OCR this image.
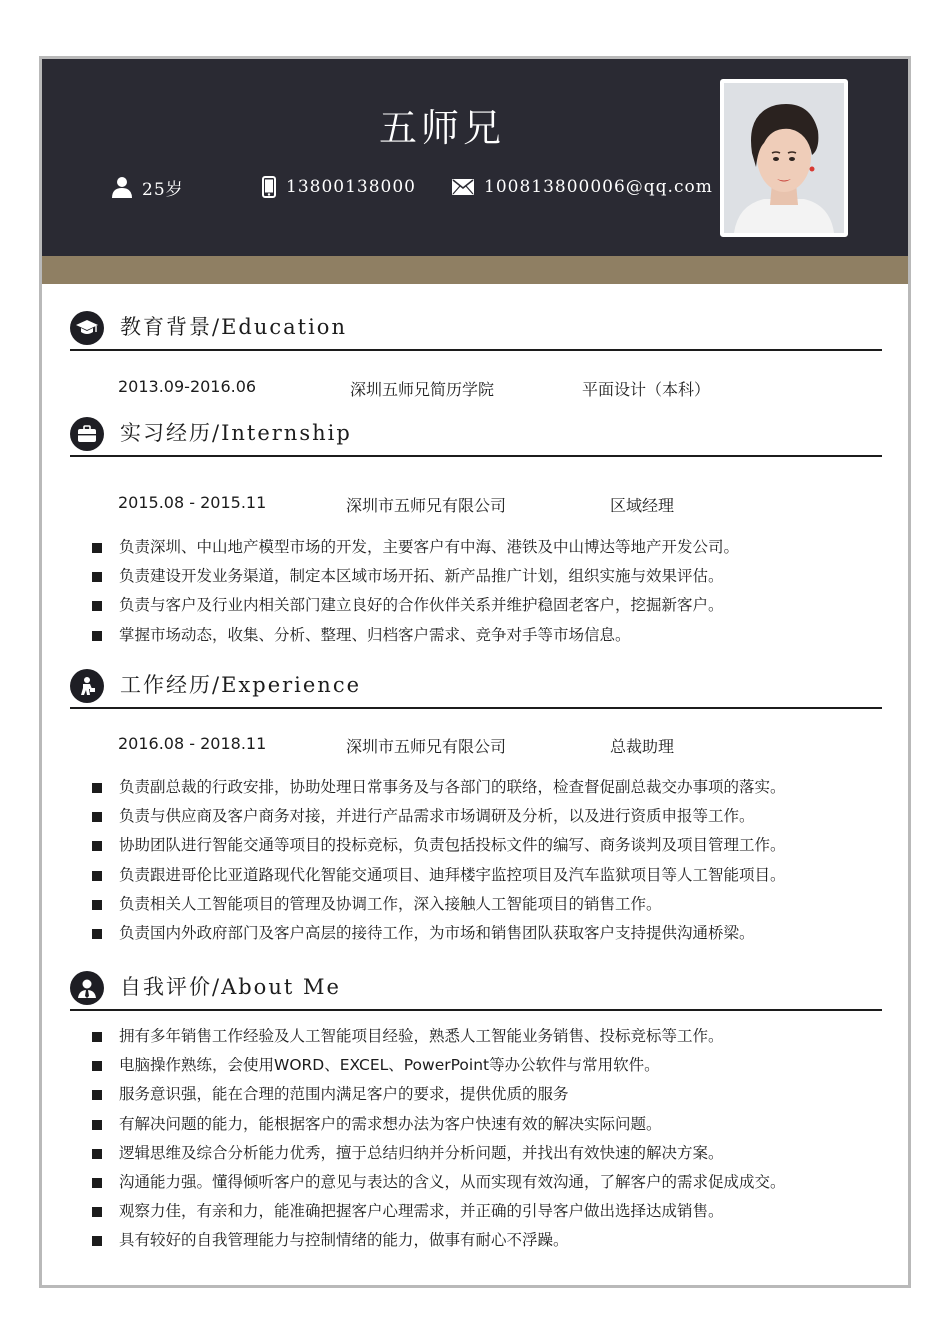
五师兄
25岁	13800138000	100813800006@qq.com
教育背景/Education
2013.09-2016.06	深圳五师兄简历学院	平面设计（本科）
实习经历/Internship
2015.08 - 2015.11	深圳市五师兄有限公司	区域经理
负责深圳、中山地产模型市场的开发，主要客户有中海、港铁及中山博达等地产开发公司。
负责建设开发业务渠道，制定本区域市场开拓、新产品推广计划，组织实施与效果评估。
负责与客户及行业内相关部门建立良好的合作伙伴关系并维护稳固老客户，挖掘新客户。
掌握市场动态，收集、分析、整理、归档客户需求、竞争对手等市场信息。
工作经历/Experience
2016.08 - 2018.11	深圳市五师兄有限公司	总裁助理
负责副总裁的行政安排，协助处理日常事务及与各部门的联络，检查督促副总裁交办事项的落实。
负责与供应商及客户商务对接，并进行产品需求市场调研及分析，以及进行资质申报等工作。
协助团队进行智能交通等项目的投标竞标，负责包括投标文件的编写、商务谈判及项目管理工作。
负责跟进哥伦比亚道路现代化智能交通项目、迪拜楼宇监控项目及汽车监狱项目等人工智能项目。
负责相关人工智能项目的管理及协调工作，深入接触人工智能项目的销售工作。
负责国内外政府部门及客户高层的接待工作，为市场和销售团队获取客户支持提供沟通桥梁。
自我评价/About Me
拥有多年销售工作经验及人工智能项目经验，熟悉人工智能业务销售、投标竞标等工作。
电脑操作熟练，会使用WORD、EXCEL、PowerPoint等办公软件与常用软件。
服务意识强，能在合理的范围内满足客户的要求，提供优质的服务
有解决问题的能力，能根据客户的需求想办法为客户快速有效的解决实际问题。
逻辑思维及综合分析能力优秀，擅于总结归纳并分析问题，并找出有效快速的解决方案。
沟通能力强。懂得倾听客户的意见与表达的含义，从而实现有效沟通，了解客户的需求促成成交。
观察力佳，有亲和力，能准确把握客户心理需求，并正确的引导客户做出选择达成销售。
具有较好的自我管理能力与控制情绪的能力，做事有耐心不浮躁。
